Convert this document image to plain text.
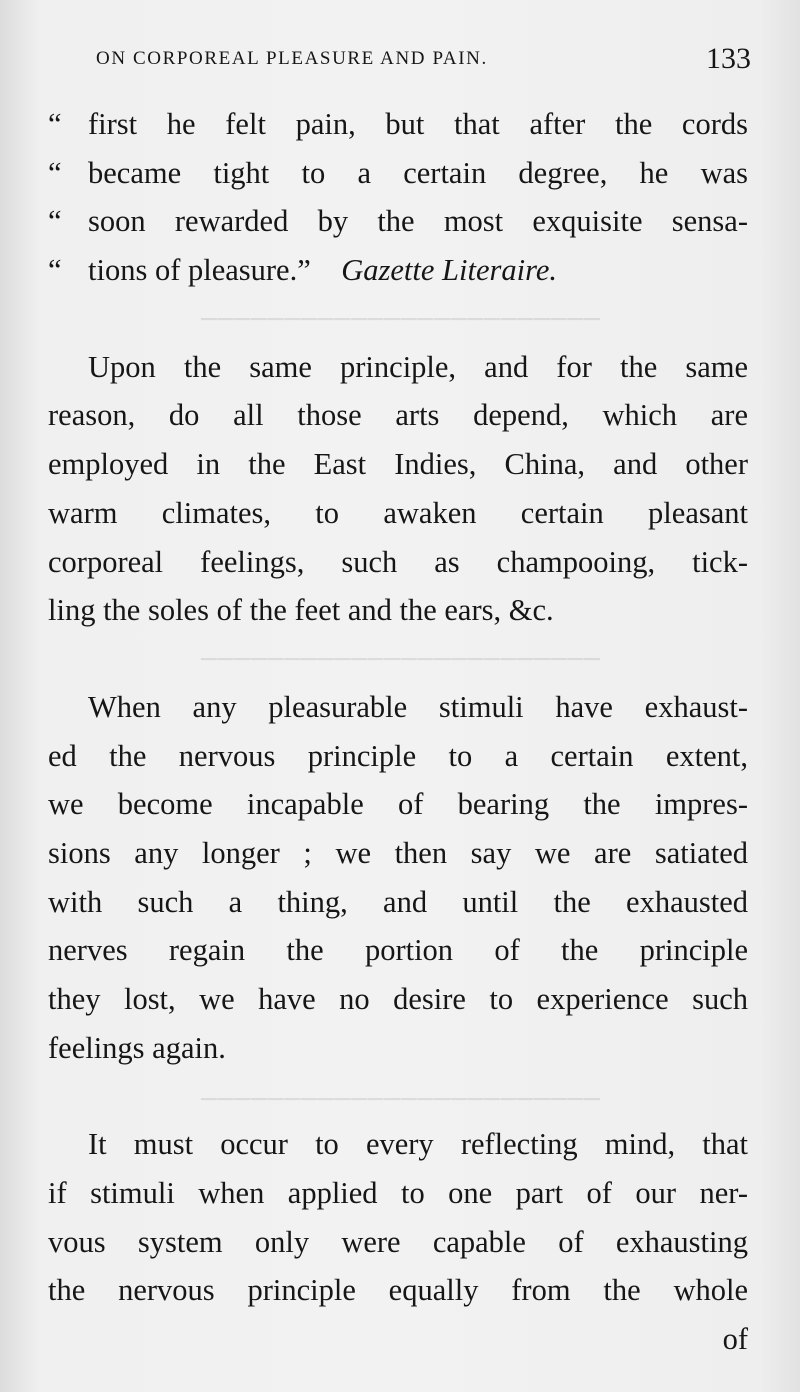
────────────────────────
────────────────────────
────────────────────────
ON CORPOREAL PLEASURE AND PAIN.	133
“ first he felt pain, but that after the cords
“ became tight to a certain degree, he was
“ soon rewarded by the most exquisite sensa-
“ tions of pleasure.” Gazette Literaire.
Upon the same principle, and for the same
reason, do all those arts depend, which are
employed in the East Indies, China, and other
warm climates, to awaken certain pleasant
corporeal feelings, such as champooing, tick-
ling the soles of the feet and the ears, &c.
When any pleasurable stimuli have exhaust-
ed the nervous principle to a certain extent,
we become incapable of bearing the impres-
sions any longer ; we then say we are satiated
with such a thing, and until the exhausted
nerves regain the portion of the principle
they lost, we have no desire to experience such
feelings again.
It must occur to every reflecting mind, that
if stimuli when applied to one part of our ner-
vous system only were capable of exhausting
the nervous principle equally from the whole
of
